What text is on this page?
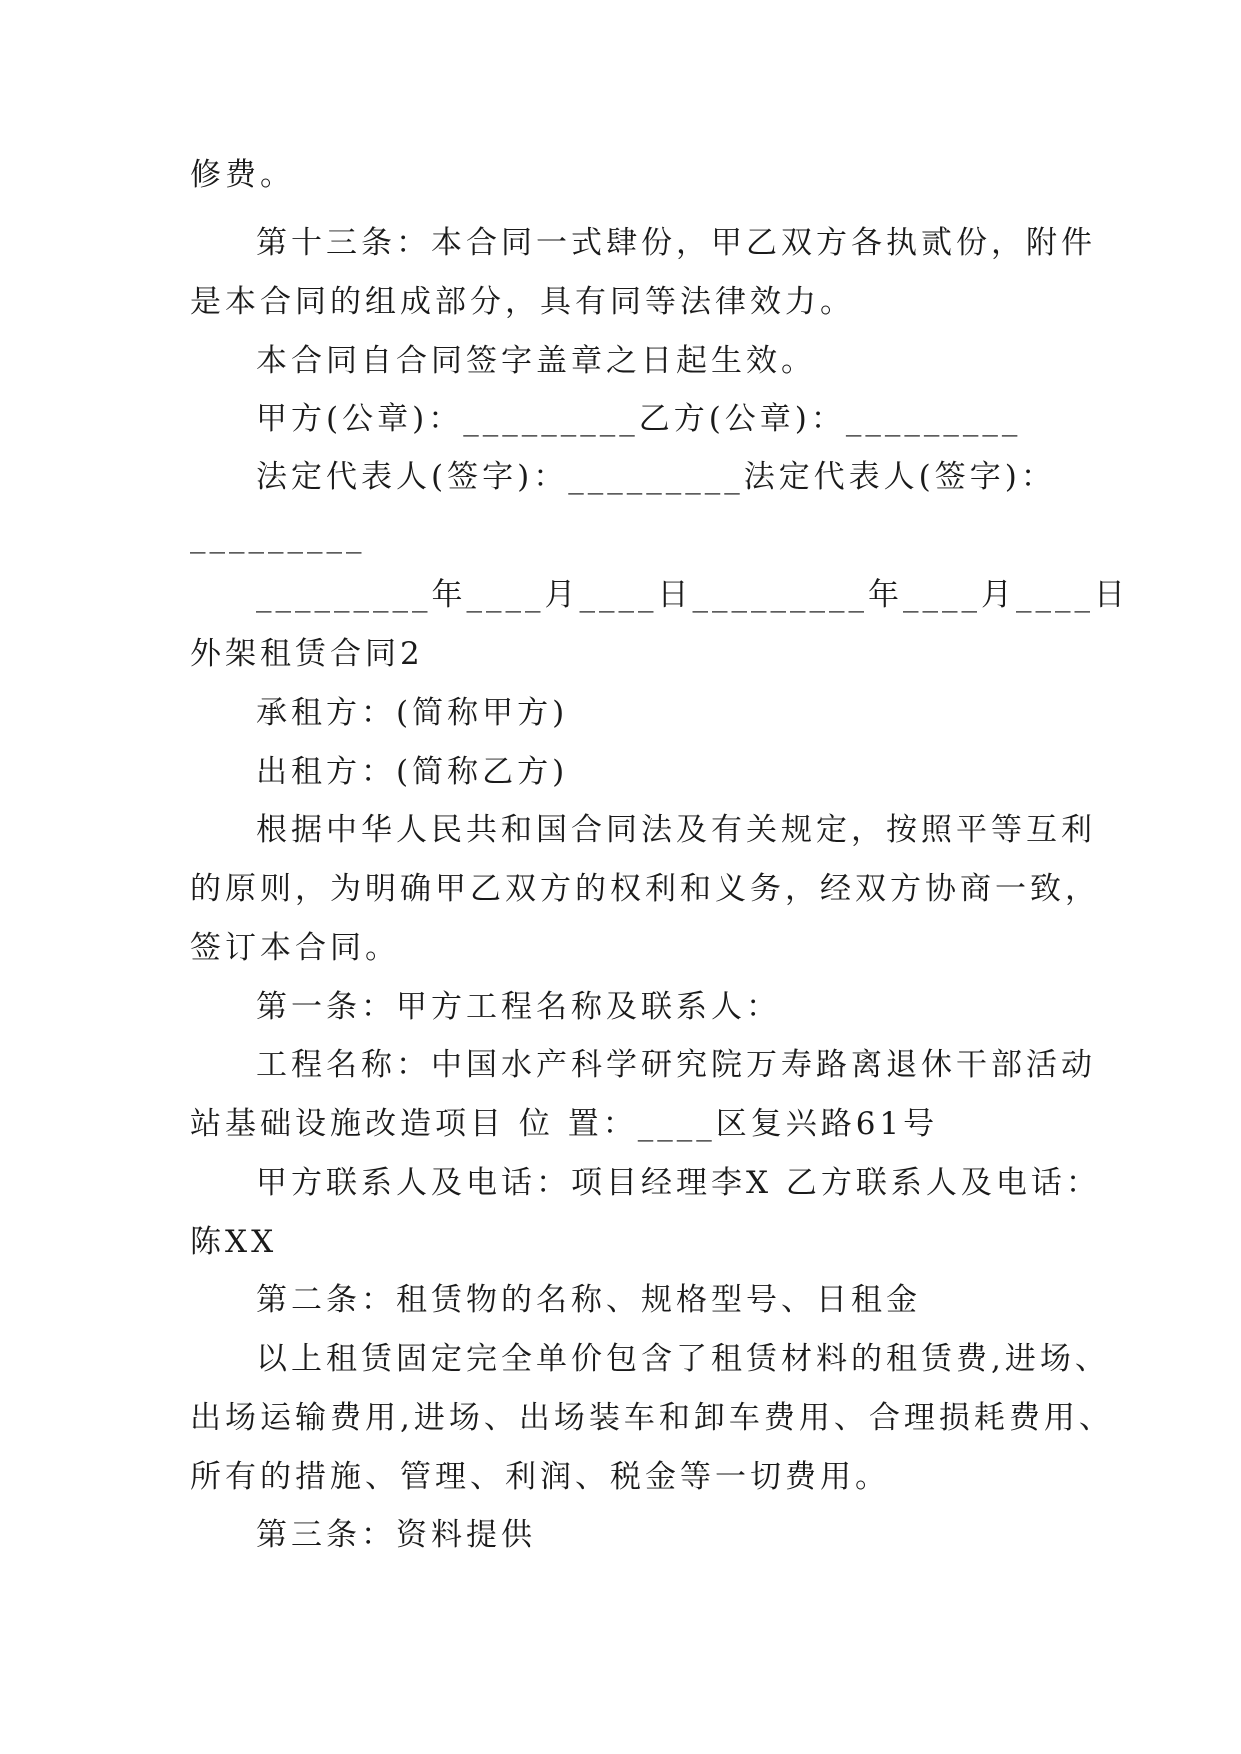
修费。
第十三条：本合同一式肆份，甲乙双方各执贰份，附件
是本合同的组成部分，具有同等法律效力。
本合同自合同签字盖章之日起生效。
甲方(公章)：_________乙方(公章)：_________
法定代表人(签字)：_________法定代表人(签字)：
_________
_________年____月____日_________年____月____日
外架租赁合同2
承租方：(简称甲方)
出租方：(简称乙方)
根据中华人民共和国合同法及有关规定，按照平等互利
的原则，为明确甲乙双方的权利和义务，经双方协商一致，
签订本合同。
第一条：甲方工程名称及联系人：
工程名称：中国水产科学研究院万寿路离退休干部活动
站基础设施改造项目 位 置：____区复兴路61号
甲方联系人及电话：项目经理李X 乙方联系人及电话：
陈XX
第二条：租赁物的名称、规格型号、日租金
以上租赁固定完全单价包含了租赁材料的租赁费,进场、
出场运输费用,进场、出场装车和卸车费用、合理损耗费用、
所有的措施、管理、利润、税金等一切费用。
第三条：资料提供
